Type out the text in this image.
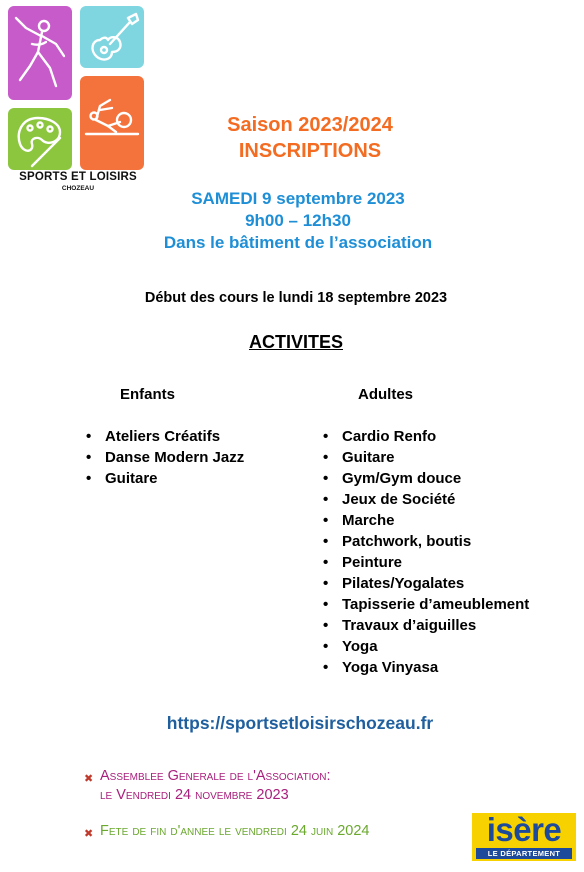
SPORTS ET LOISIRS
CHOZEAU
Saison 2023/2024
INSCRIPTIONS
SAMEDI 9 septembre 2023
9h00 – 12h30
Dans le bâtiment de l’association
Début des cours le lundi 18 septembre 2023
ACTIVITES
Enfants	Adultes
• Ateliers Créatifs
• Danse Modern Jazz
• Guitare
• Cardio Renfo
• Guitare
• Gym/Gym douce
• Jeux de Société
• Marche
• Patchwork, boutis
• Peinture
• Pilates/Yogalates
• Tapisserie d’ameublement
• Travaux d’aiguilles
• Yoga
• Yoga Vinyasa
https://sportsetloisirschozeau.fr
✖ Assemblee Generale de l'Association:
le Vendredi 24 novembre 2023
✖ Fete de fin d'annee le vendredi 24 juin 2024	isère
LE DÉPARTEMENT
